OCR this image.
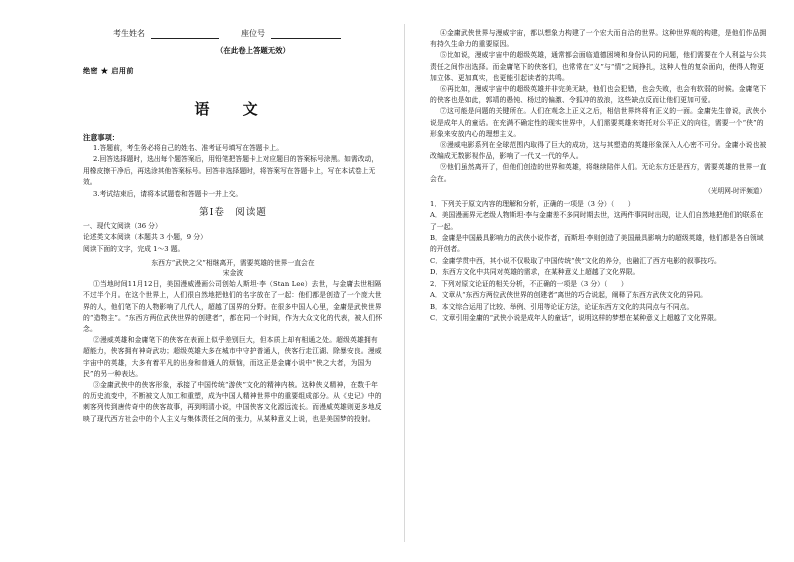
考生姓名	座位号
（在此卷上答题无效）
绝密 ★ 启用前
语 文
注意事项：

1.答题前，考生务必将自己的姓名、准考证号填写在答题卡上。

2.回答选择题时，选出每个题答案后，用铅笔把答题卡上对应题目的答案标号涂黑。如需改动，用橡皮擦干净后，再选涂其他答案标号。回答非选择题时，将答案写在答题卡上，写在本试卷上无效。

3.考试结束后，请将本试题卷和答题卡一并上交。

第Ⅰ卷　阅读题

一、现代文阅读（36 分）

论述类文本阅读（本题共 3 小题，9 分）

阅读下面的文字，完成 1～3 题。

东西方“武侠之父”相继离开，需要英雄的世界一直会在
宋金波

①当地时间11月12日，美国漫威漫画公司创始人斯坦·李（Stan Lee）去世，与金庸去世相隔不过半个月。在这个世界上，人们很自然地把他们的名字放在了一起：他们都是创造了一个庞大世界的人，他们笔下的人物影响了几代人，超越了国界的分野。在很多中国人心里，金庸是武侠世界的“造物主”。“东西方两位武侠世界的创建者”，都在同一个时间，作为大众文化的代表，被人们怀念。

②漫威英雄和金庸笔下的侠客在表面上似乎差别巨大，但本质上却有相通之处。超级英雄拥有超能力，侠客拥有神奇武功；超级英雄大多在城市中守护普通人，侠客行走江湖、除暴安良。漫威宇宙中的英雄，大多有着平凡的出身和普通人的烦恼，而这正是金庸小说中“侠之大者，为国为民”的另一种表达。

③金庸武侠中的侠客形象，承接了中国传统“游侠”文化的精神内核。这种侠义精神，在数千年的历史流变中，不断被文人加工和重塑，成为中国人精神世界中的重要组成部分。从《史记》中的刺客列传到唐传奇中的侠客故事，再到明清小说，中国侠客文化源远流长。而漫威英雄则更多地反映了现代西方社会中的个人主义与集体责任之间的张力，从某种意义上说，也是美国梦的投射。

④金庸武侠世界与漫威宇宙，都以想象力构建了一个宏大而自洽的世界。这种世界观的构建，是他们作品拥有持久生命力的重要原因。

⑤比如说，漫威宇宙中的超级英雄，通常都会面临道德困境和身份认同的问题，他们需要在个人利益与公共责任之间作出选择。而金庸笔下的侠客们，也常常在“义”与“情”之间挣扎，这种人性的复杂面向，使得人物更加立体、更加真实，也更能引起读者的共鸣。

⑥再比如，漫威宇宙中的超级英雄并非完美无缺，他们也会犯错，也会失败，也会有软弱的时候。金庸笔下的侠客也是如此，郭靖的愚钝、杨过的偏激、令狐冲的放浪，这些缺点反而让他们更加可爱。

⑦这可能是问题的关键所在。人们在观念上正义之后，相信世界终将有正义的一面。金庸先生曾说，武侠小说是成年人的童话。在充满不确定性的现实世界中，人们需要英雄来寄托对公平正义的向往，需要一个“侠”的形象来安放内心的理想主义。

⑧漫威电影系列在全球范围内取得了巨大的成功，这与其塑造的英雄形象深入人心密不可分。金庸小说也被改编成无数影视作品，影响了一代又一代的华人。

⑨他们虽然离开了，但他们创造的世界和英雄，将继续陪伴人们。无论东方还是西方，需要英雄的世界一直会在。

（光明网-时评频道）

1．下列关于原文内容的理解和分析，正确的一项是（3 分）（　　）

A．美国漫画界元老级人物斯坦·李与金庸差不多同时期去世，这两件事同时出现，让人们自然地把他们的联系在了一起。

B．金庸是中国最具影响力的武侠小说作者，而斯坦·李则创造了美国最具影响力的超级英雄，他们都是各自领域的开创者。

C．金庸学贯中西，其小说不仅吸取了中国传统“侠”文化的养分，也融汇了西方电影的叙事技巧。

D．东西方文化中共同对英雄的需求，在某种意义上超越了文化界限。

2．下列对原文论证的相关分析，不正确的一项是（3 分）（　　）

A．文章从“东西方两位武侠世界的创建者”离世的巧合说起，阐释了东西方武侠文化的异同。

B．本文综合运用了比较、举例、引用等论证方法，论证东西方文化的共同点与不同点。

C．文章引用金庸的“武侠小说是成年人的童话”，说明这样的梦想在某种意义上超越了文化界限。
